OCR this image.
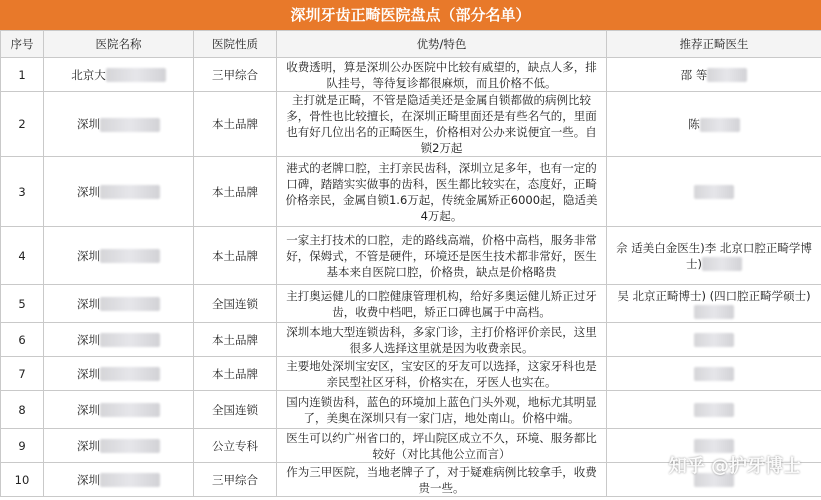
深圳牙齿正畸医院盘点（部分名单）
序号	医院名称	医院性质	优势/特色	推荐正畸医生
1	北京大	三甲综合	收费透明，算是深圳公办医院中比较有威望的，缺点人多，排队挂号，等待复诊都很麻烦，而且价格不低。	邵 等
2	深圳	本土品牌	主打就是正畸，不管是隐适美还是金属自锁都做的病例比较多，骨性也比较擅长，在深圳正畸里面还是有些名气的，里面也有好几位出名的正畸医生，价格相对公办来说便宜一些。自锁2万起	陈
3	深圳	本土品牌	港式的老牌口腔，主打亲民齿科，深圳立足多年，也有一定的口碑，踏踏实实做事的齿科，医生都比较实在，态度好，正畸价格亲民，金属自锁1.6万起，传统金属矫正6000起，隐适美4万起。	
4	深圳	本土品牌	一家主打技术的口腔，走的路线高端，价格中高档，服务非常好，保姆式，不管是硬件，环境还是医生技术都非常好，医生基本来自医院口腔，价格贵，缺点是价格略贵	佘 适美白金医生)李 北京口腔正畸学博士)
5	深圳	全国连锁	主打奥运健儿的口腔健康管理机构，给好多奥运健儿矫正过牙齿，收费中档吧，矫正口碑也属于中高档。	吴 北京正畸博士) (四口腔正畸学硕士)
6	深圳	本土品牌	深圳本地大型连锁齿科，多家门诊，主打价格评价亲民，这里很多人选择这里就是因为收费亲民。	
7	深圳	本土品牌	主要地处深圳宝安区，宝安区的牙友可以选择，这家牙科也是亲民型社区牙科，价格实在，牙医人也实在。	
8	深圳	全国连锁	国内连锁齿科，蓝色的环境加上蓝色门头外观，地标尤其明显了，美奥在深圳只有一家门店，地处南山。价格中端。	
9	深圳	公立专科	医生可以约广州省口的，坪山院区成立不久，环境、服务都比较好（对比其他公立而言）	
10	深圳	三甲综合	作为三甲医院，当地老牌子了，对于疑难病例比较拿手，收费贵一些。	
知乎 @护牙博士
